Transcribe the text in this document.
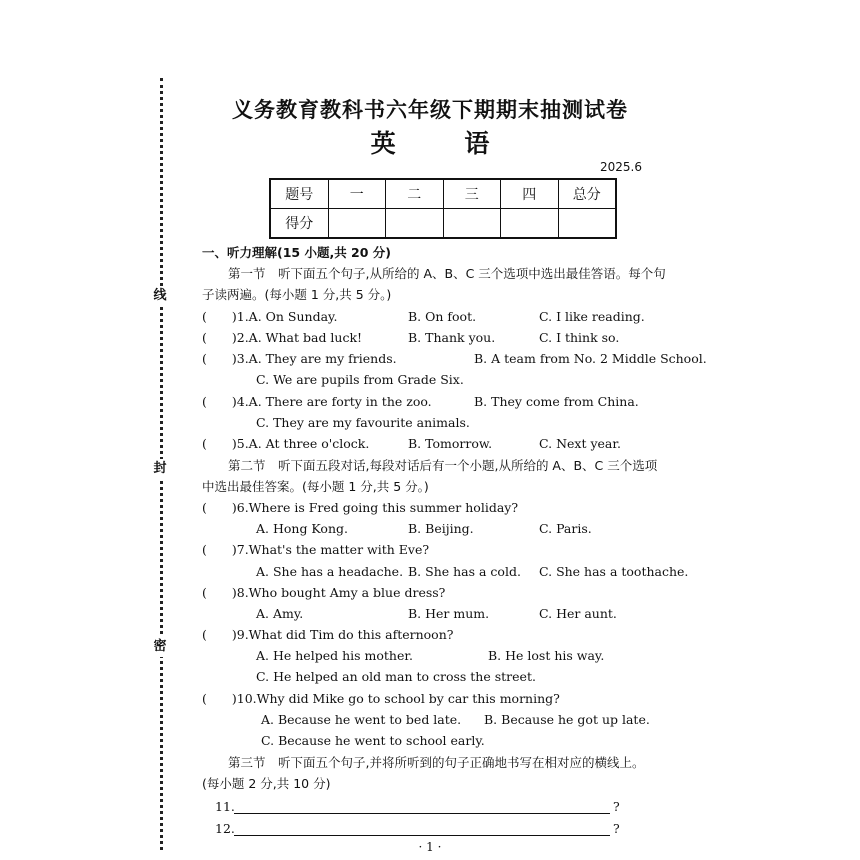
线
封
密
义务教育教科书六年级下期期末抽测试卷
英 语
2025.6
题号	一	二	三	四	总分
得分					
一、听力理解(15 小题,共 20 分)
第一节　听下面五个句子,从所给的 A、B、C 三个选项中选出最佳答语。每个句
子读两遍。(每小题 1 分,共 5 分。)
(　　)1.A. On Sunday.	B. On foot.	C. I like reading.
(　　)2.A. What bad luck!	B. Thank you.	C. I think so.
(　　)3.A. They are my friends.	B. A team from No. 2 Middle School.
C. We are pupils from Grade Six.
(　　)4.A. There are forty in the zoo.	B. They come from China.
C. They are my favourite animals.
(　　)5.A. At three o'clock.	B. Tomorrow.	C. Next year.
第二节　听下面五段对话,每段对话后有一个小题,从所给的 A、B、C 三个选项
中选出最佳答案。(每小题 1 分,共 5 分。)
(　　)6.Where is Fred going this summer holiday?
A. Hong Kong.	B. Beijing.	C. Paris.
(　　)7.What's the matter with Eve?
A. She has a headache. B. She has a cold. C. She has a toothache.
(　　)8.Who bought Amy a blue dress?
A. Amy.	B. Her mum.	C. Her aunt.
(　　)9.What did Tim do this afternoon?
A. He helped his mother.	B. He lost his way.
C. He helped an old man to cross the street.
(　　)10.Why did Mike go to school by car this morning?
A. Because he went to bed late. B. Because he got up late.
C. Because he went to school early.
第三节　听下面五个句子,并将所听到的句子正确地书写在相对应的横线上。
(每小题 2 分,共 10 分)
11.	?
12.	?
· 1 ·
